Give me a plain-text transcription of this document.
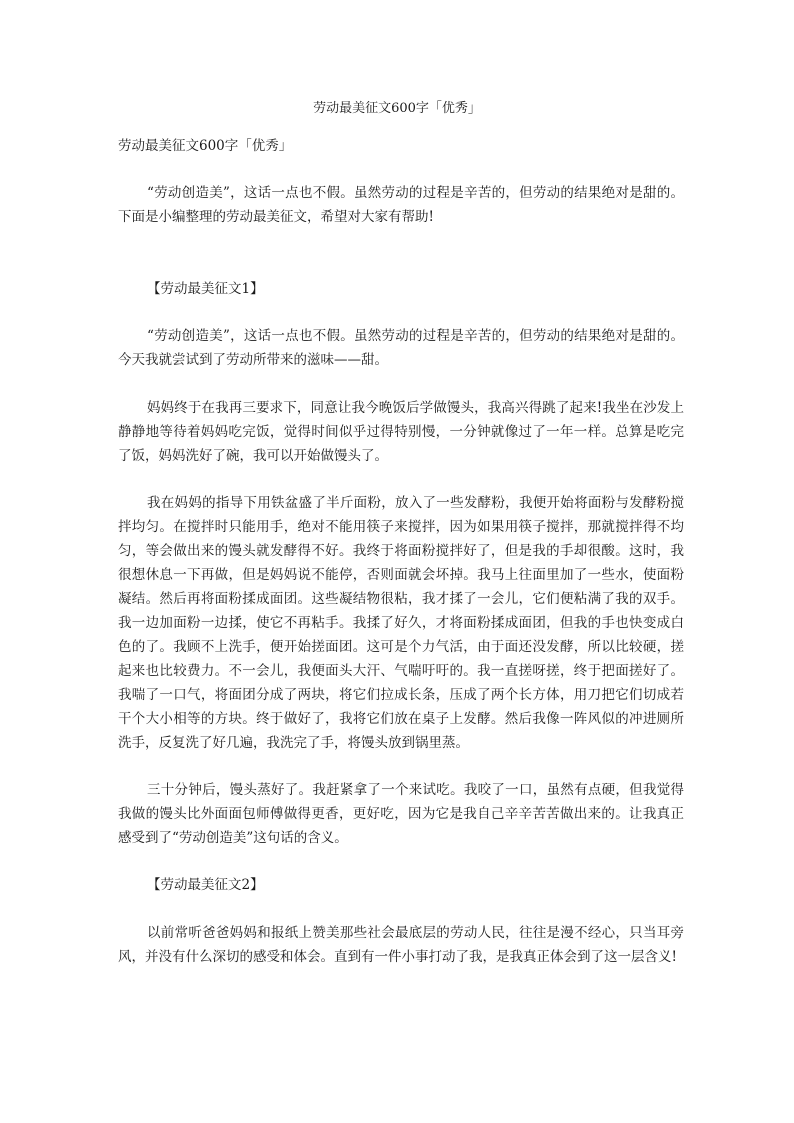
劳动最美征文600字「优秀」

劳动最美征文600字「优秀」

“劳动创造美”，这话一点也不假。虽然劳动的过程是辛苦的，但劳动的结果绝对是甜的。下面是小编整理的劳动最美征文，希望对大家有帮助!

【劳动最美征文1】

“劳动创造美”，这话一点也不假。虽然劳动的过程是辛苦的，但劳动的结果绝对是甜的。今天我就尝试到了劳动所带来的滋味——甜。

妈妈终于在我再三要求下，同意让我今晚饭后学做馒头，我高兴得跳了起来!我坐在沙发上静静地等待着妈妈吃完饭，觉得时间似乎过得特别慢，一分钟就像过了一年一样。总算是吃完了饭，妈妈洗好了碗，我可以开始做馒头了。

我在妈妈的指导下用铁盆盛了半斤面粉，放入了一些发酵粉，我便开始将面粉与发酵粉搅拌均匀。在搅拌时只能用手，绝对不能用筷子来搅拌，因为如果用筷子搅拌，那就搅拌得不均匀，等会做出来的馒头就发酵得不好。我终于将面粉搅拌好了，但是我的手却很酸。这时，我很想休息一下再做，但是妈妈说不能停，否则面就会坏掉。我马上往面里加了一些水，使面粉凝结。然后再将面粉揉成面团。这些凝结物很粘，我才揉了一会儿，它们便粘满了我的双手。我一边加面粉一边揉，使它不再粘手。我揉了好久，才将面粉揉成面团，但我的手也快变成白色的了。我顾不上洗手，便开始搓面团。这可是个力气活，由于面还没发酵，所以比较硬，搓起来也比较费力。不一会儿，我便面头大汗、气喘吁吁的。我一直搓呀搓，终于把面搓好了。我喘了一口气，将面团分成了两块，将它们拉成长条，压成了两个长方体，用刀把它们切成若干个大小相等的方块。终于做好了，我将它们放在桌子上发酵。然后我像一阵风似的冲进厕所洗手，反复洗了好几遍，我洗完了手，将馒头放到锅里蒸。

三十分钟后，馒头蒸好了。我赶紧拿了一个来试吃。我咬了一口，虽然有点硬，但我觉得我做的馒头比外面面包师傅做得更香，更好吃，因为它是我自己辛辛苦苦做出来的。让我真正感受到了“劳动创造美”这句话的含义。

【劳动最美征文2】

以前常听爸爸妈妈和报纸上赞美那些社会最底层的劳动人民，往往是漫不经心，只当耳旁风，并没有什么深切的感受和体会。直到有一件小事打动了我，是我真正体会到了这一层含义!
